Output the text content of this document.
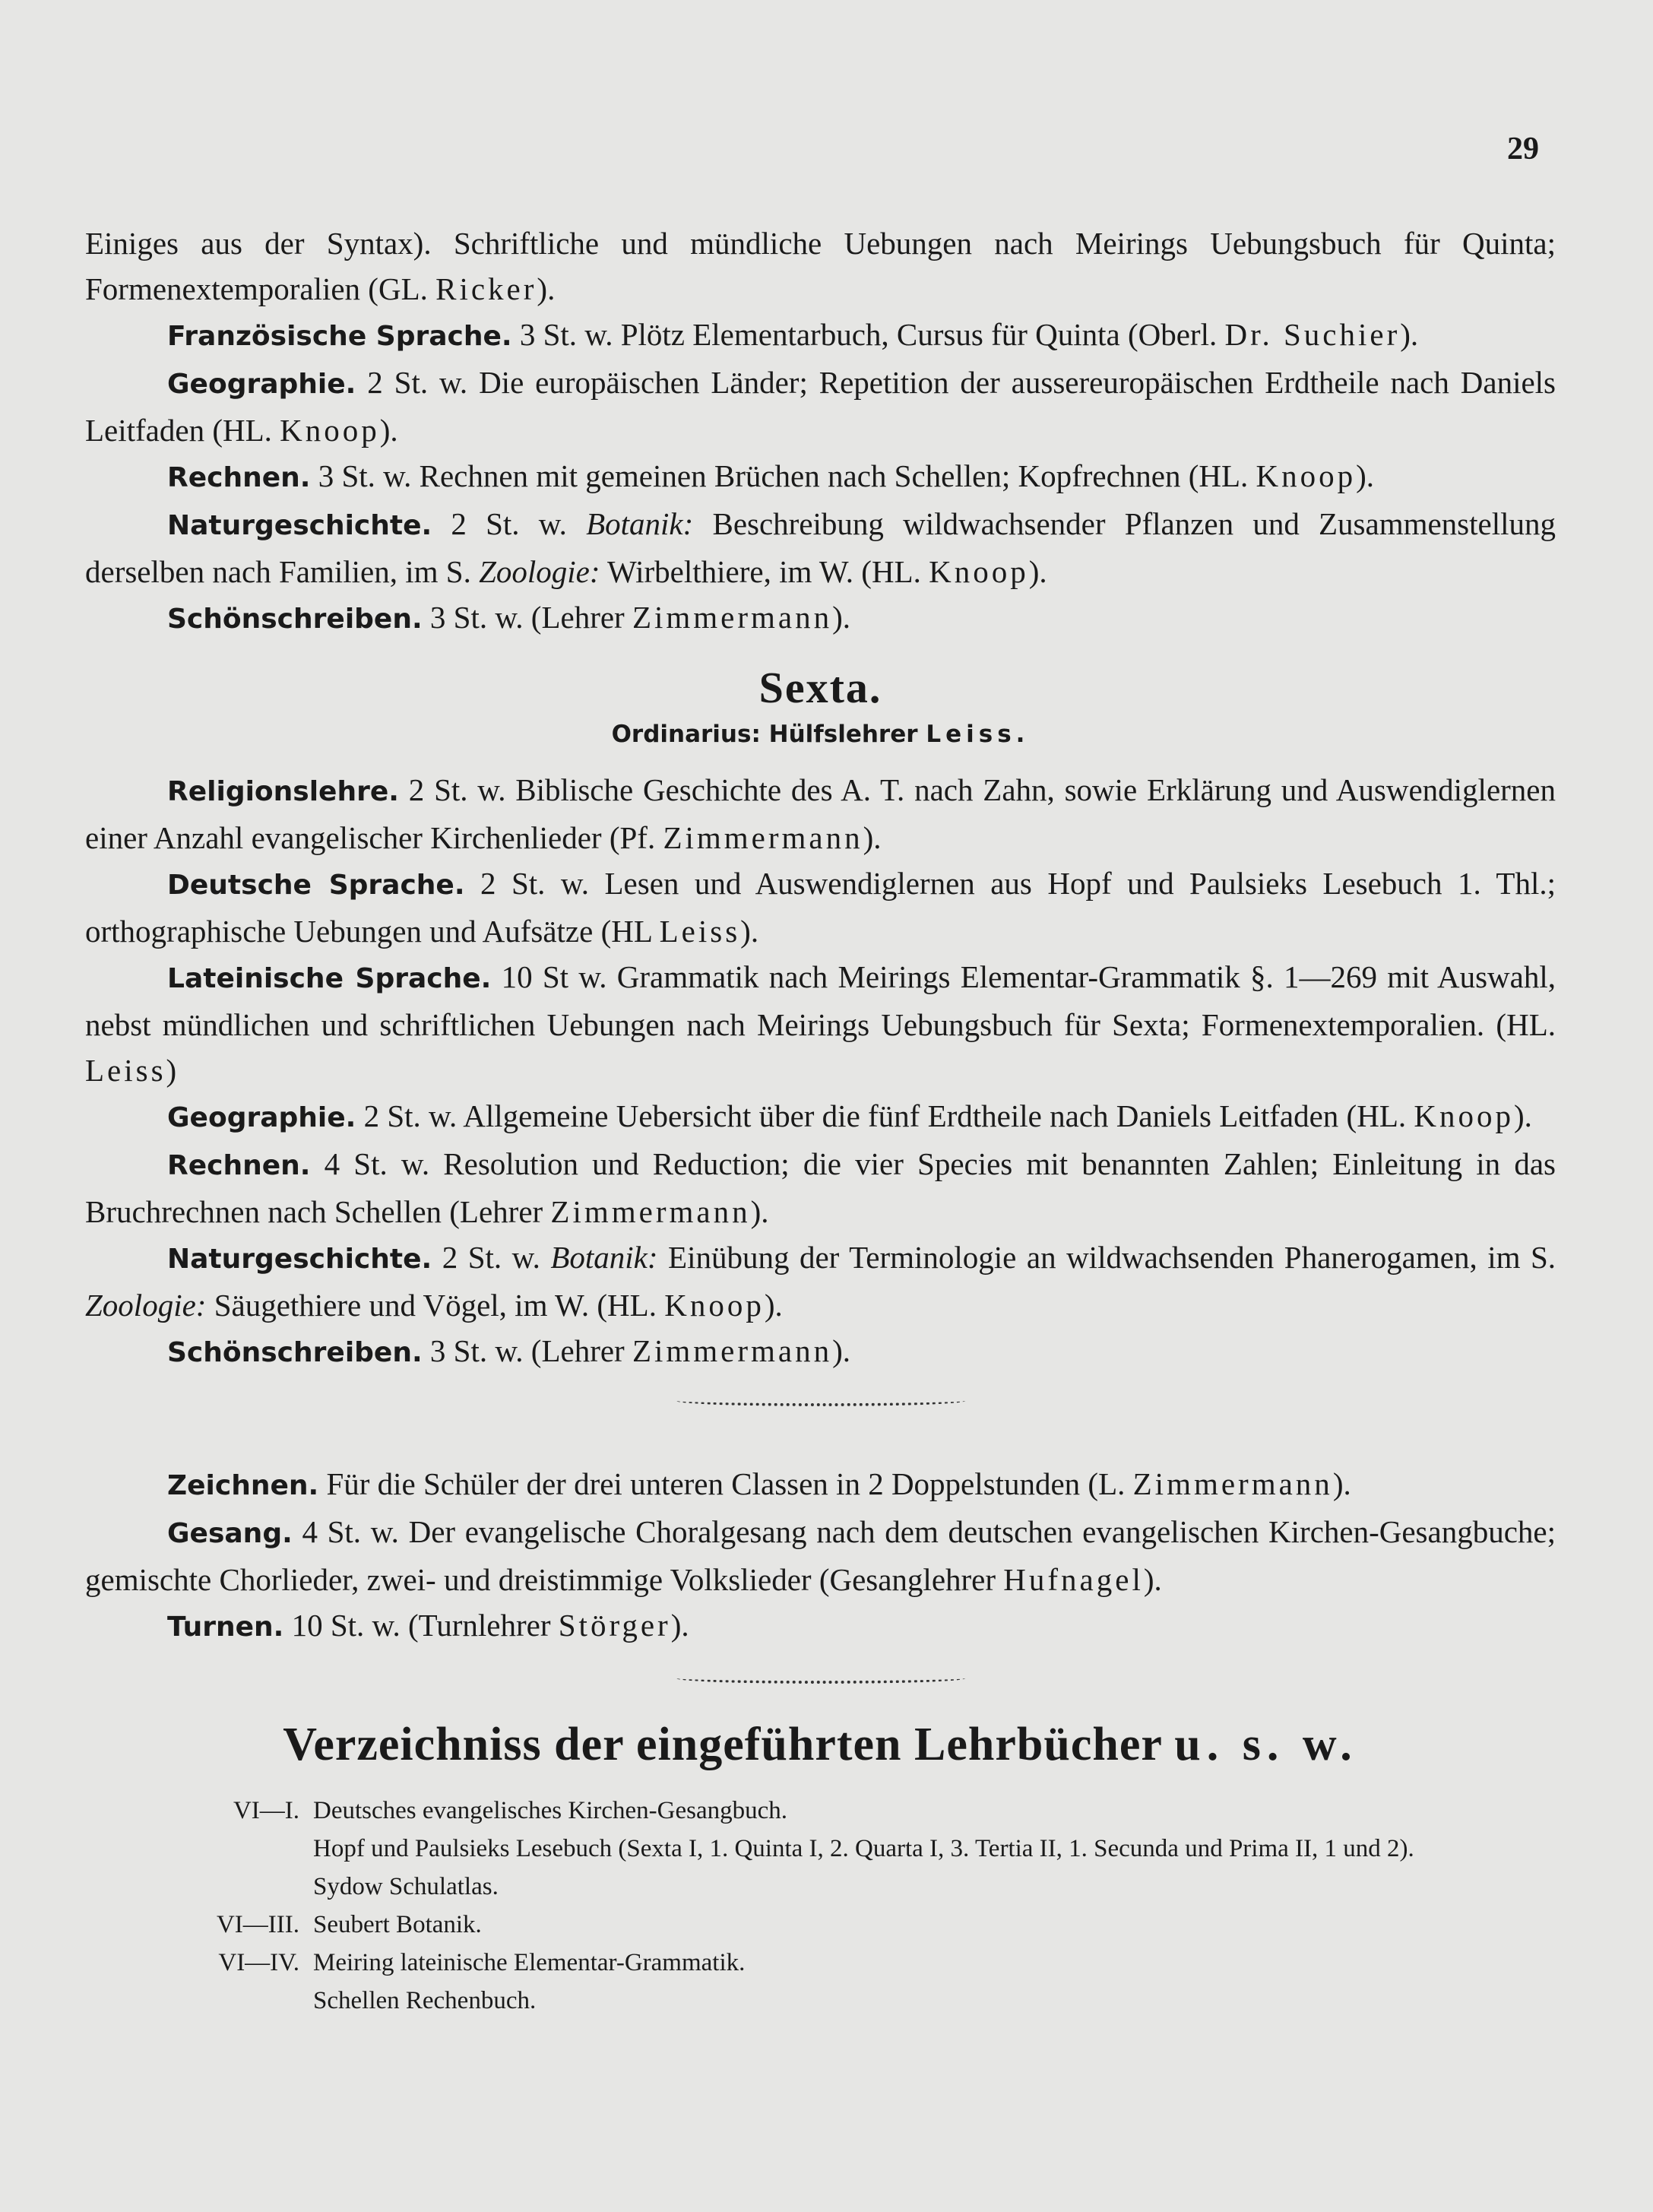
29

Einiges aus der Syntax). Schriftliche und mündliche Uebungen nach Meirings Uebungsbuch für Quinta; Formenextemporalien (GL. Ricker).

Französische Sprache. 3 St. w. Plötz Elementarbuch, Cursus für Quinta (Oberl. Dr. Suchier).

Geographie. 2 St. w. Die europäischen Länder; Repetition der aussereuropäischen Erdtheile nach Daniels Leitfaden (HL. Knoop).

Rechnen. 3 St. w. Rechnen mit gemeinen Brüchen nach Schellen; Kopfrechnen (HL. Knoop).

Naturgeschichte. 2 St. w. Botanik: Beschreibung wildwachsender Pflanzen und Zusammenstellung derselben nach Familien, im S. Zoologie: Wirbelthiere, im W. (HL. Knoop).

Schönschreiben. 3 St. w. (Lehrer Zimmermann).

Sexta.
Ordinarius: Hülfslehrer Leiss.

Religionslehre. 2 St. w. Biblische Geschichte des A. T. nach Zahn, sowie Erklärung und Auswendiglernen einer Anzahl evangelischer Kirchenlieder (Pf. Zimmermann).

Deutsche Sprache. 2 St. w. Lesen und Auswendiglernen aus Hopf und Paulsieks Lesebuch 1. Thl.; orthographische Uebungen und Aufsätze (HL Leiss).

Lateinische Sprache. 10 St w. Grammatik nach Meirings Elementar-Grammatik §. 1—269 mit Auswahl, nebst mündlichen und schriftlichen Uebungen nach Meirings Uebungsbuch für Sexta; Formenextemporalien. (HL. Leiss)

Geographie. 2 St. w. Allgemeine Uebersicht über die fünf Erdtheile nach Daniels Leitfaden (HL. Knoop).

Rechnen. 4 St. w. Resolution und Reduction; die vier Species mit benannten Zahlen; Einleitung in das Bruchrechnen nach Schellen (Lehrer Zimmermann).

Naturgeschichte. 2 St. w. Botanik: Einübung der Terminologie an wildwachsenden Phanerogamen, im S. Zoologie: Säugethiere und Vögel, im W. (HL. Knoop).

Schönschreiben. 3 St. w. (Lehrer Zimmermann).

Zeichnen. Für die Schüler der drei unteren Classen in 2 Doppelstunden (L. Zimmermann).

Gesang. 4 St. w. Der evangelische Choralgesang nach dem deutschen evangelischen Kirchen-Gesangbuche; gemischte Chorlieder, zwei- und dreistimmige Volkslieder (Gesanglehrer Hufnagel).

Turnen. 10 St. w. (Turnlehrer Störger).

Verzeichniss der eingeführten Lehrbücher u. s. w.
VI—I. Deutsches evangelisches Kirchen-Gesangbuch.
Hopf und Paulsieks Lesebuch (Sexta I, 1. Quinta I, 2. Quarta I, 3. Tertia II, 1. Secunda und Prima II, 1 und 2).
Sydow Schulatlas.
VI—III. Seubert Botanik.
VI—IV. Meiring lateinische Elementar-Grammatik.
Schellen Rechenbuch.
